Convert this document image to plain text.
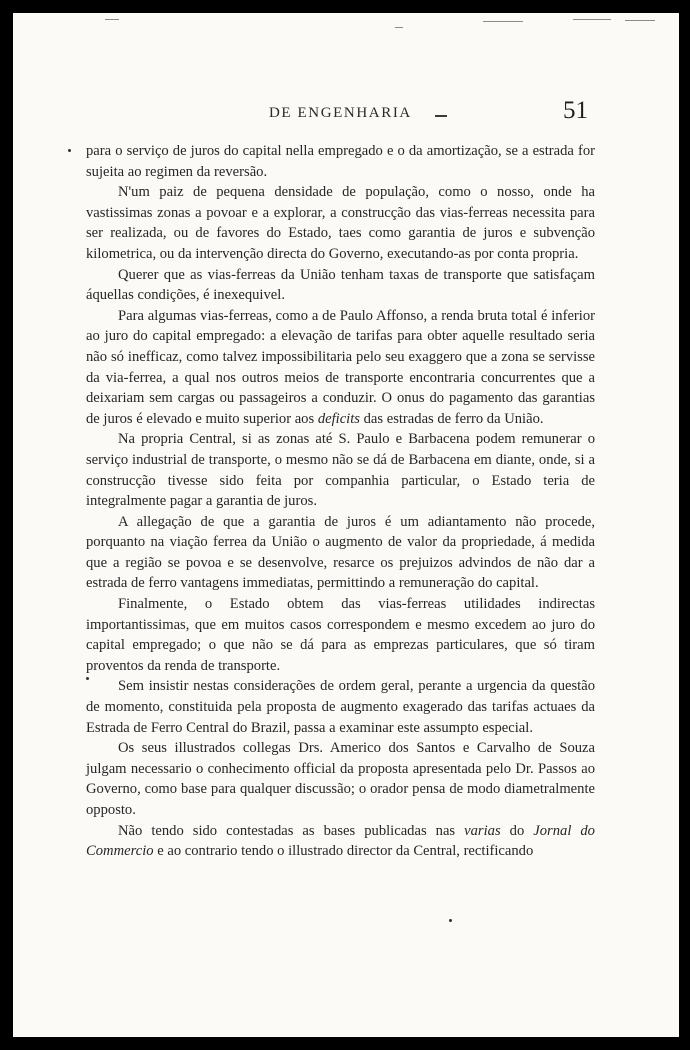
DE ENGENHARIA	51

para o serviço de juros do capital nella empregado e o da amortização, se a estrada for sujeita ao regimen da reversão.

N'um paiz de pequena densidade de população, como o nosso, onde ha vastissimas zonas a povoar e a explorar, a construcção das vias-ferreas necessita para ser realizada, ou de favores do Estado, taes como garantia de juros e subvenção kilometrica, ou da intervenção directa do Governo, executando-as por conta propria.

Querer que as vias-ferreas da União tenham taxas de transporte que satisfaçam áquellas condições, é inexequivel.

Para algumas vias-ferreas, como a de Paulo Affonso, a renda bruta total é inferior ao juro do capital empregado: a elevação de tarifas para obter aquelle resultado seria não só inefficaz, como talvez impossibilitaria pelo seu exaggero que a zona se servisse da via-ferrea, a qual nos outros meios de transporte encontraria concurrentes que a deixariam sem cargas ou passageiros a conduzir. O onus do pagamento das garantias de juros é elevado e muito superior aos deficits das estradas de ferro da União.

Na propria Central, si as zonas até S. Paulo e Barbacena podem remunerar o serviço industrial de transporte, o mesmo não se dá de Barbacena em diante, onde, si a construcção tivesse sido feita por companhia particular, o Estado teria de integralmente pagar a garantia de juros.

A allegação de que a garantia de juros é um adiantamento não procede, porquanto na viação ferrea da União o augmento de valor da propriedade, á medida que a região se povoa e se desenvolve, resarce os prejuizos advindos de não dar a estrada de ferro vantagens immediatas, permittindo a remuneração do capital.

Finalmente, o Estado obtem das vias-ferreas utilidades indirectas importantissimas, que em muitos casos correspondem e mesmo excedem ao juro do capital empregado; o que não se dá para as emprezas particulares, que só tiram proventos da renda de transporte.

Sem insistir nestas considerações de ordem geral, perante a urgencia da questão de momento, constituida pela proposta de augmento exagerado das tarifas actuaes da Estrada de Ferro Central do Brazil, passa a examinar este assumpto especial.

Os seus illustrados collegas Drs. Americo dos Santos e Carvalho de Souza julgam necessario o conhecimento official da proposta apresentada pelo Dr. Passos ao Governo, como base para qualquer discussão; o orador pensa de modo diametralmente opposto.

Não tendo sido contestadas as bases publicadas nas varias do Jornal do Commercio e ao contrario tendo o illustrado director da Central, rectificando
